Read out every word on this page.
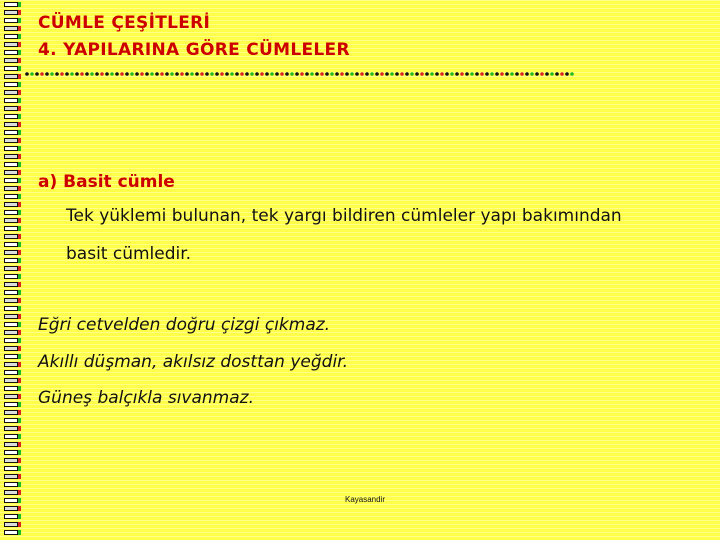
CÜMLE ÇEŞİTLERİ
4. YAPILARINA GÖRE CÜMLELER
a) Basit cümle
Tek yüklemi bulunan, tek yargı bildiren cümleler yapı bakımından
basit cümledir.
Eğri cetvelden doğru çizgi çıkmaz.
Akıllı düşman, akılsız dosttan yeğdir.
Güneş balçıkla sıvanmaz.
Kayasandir
